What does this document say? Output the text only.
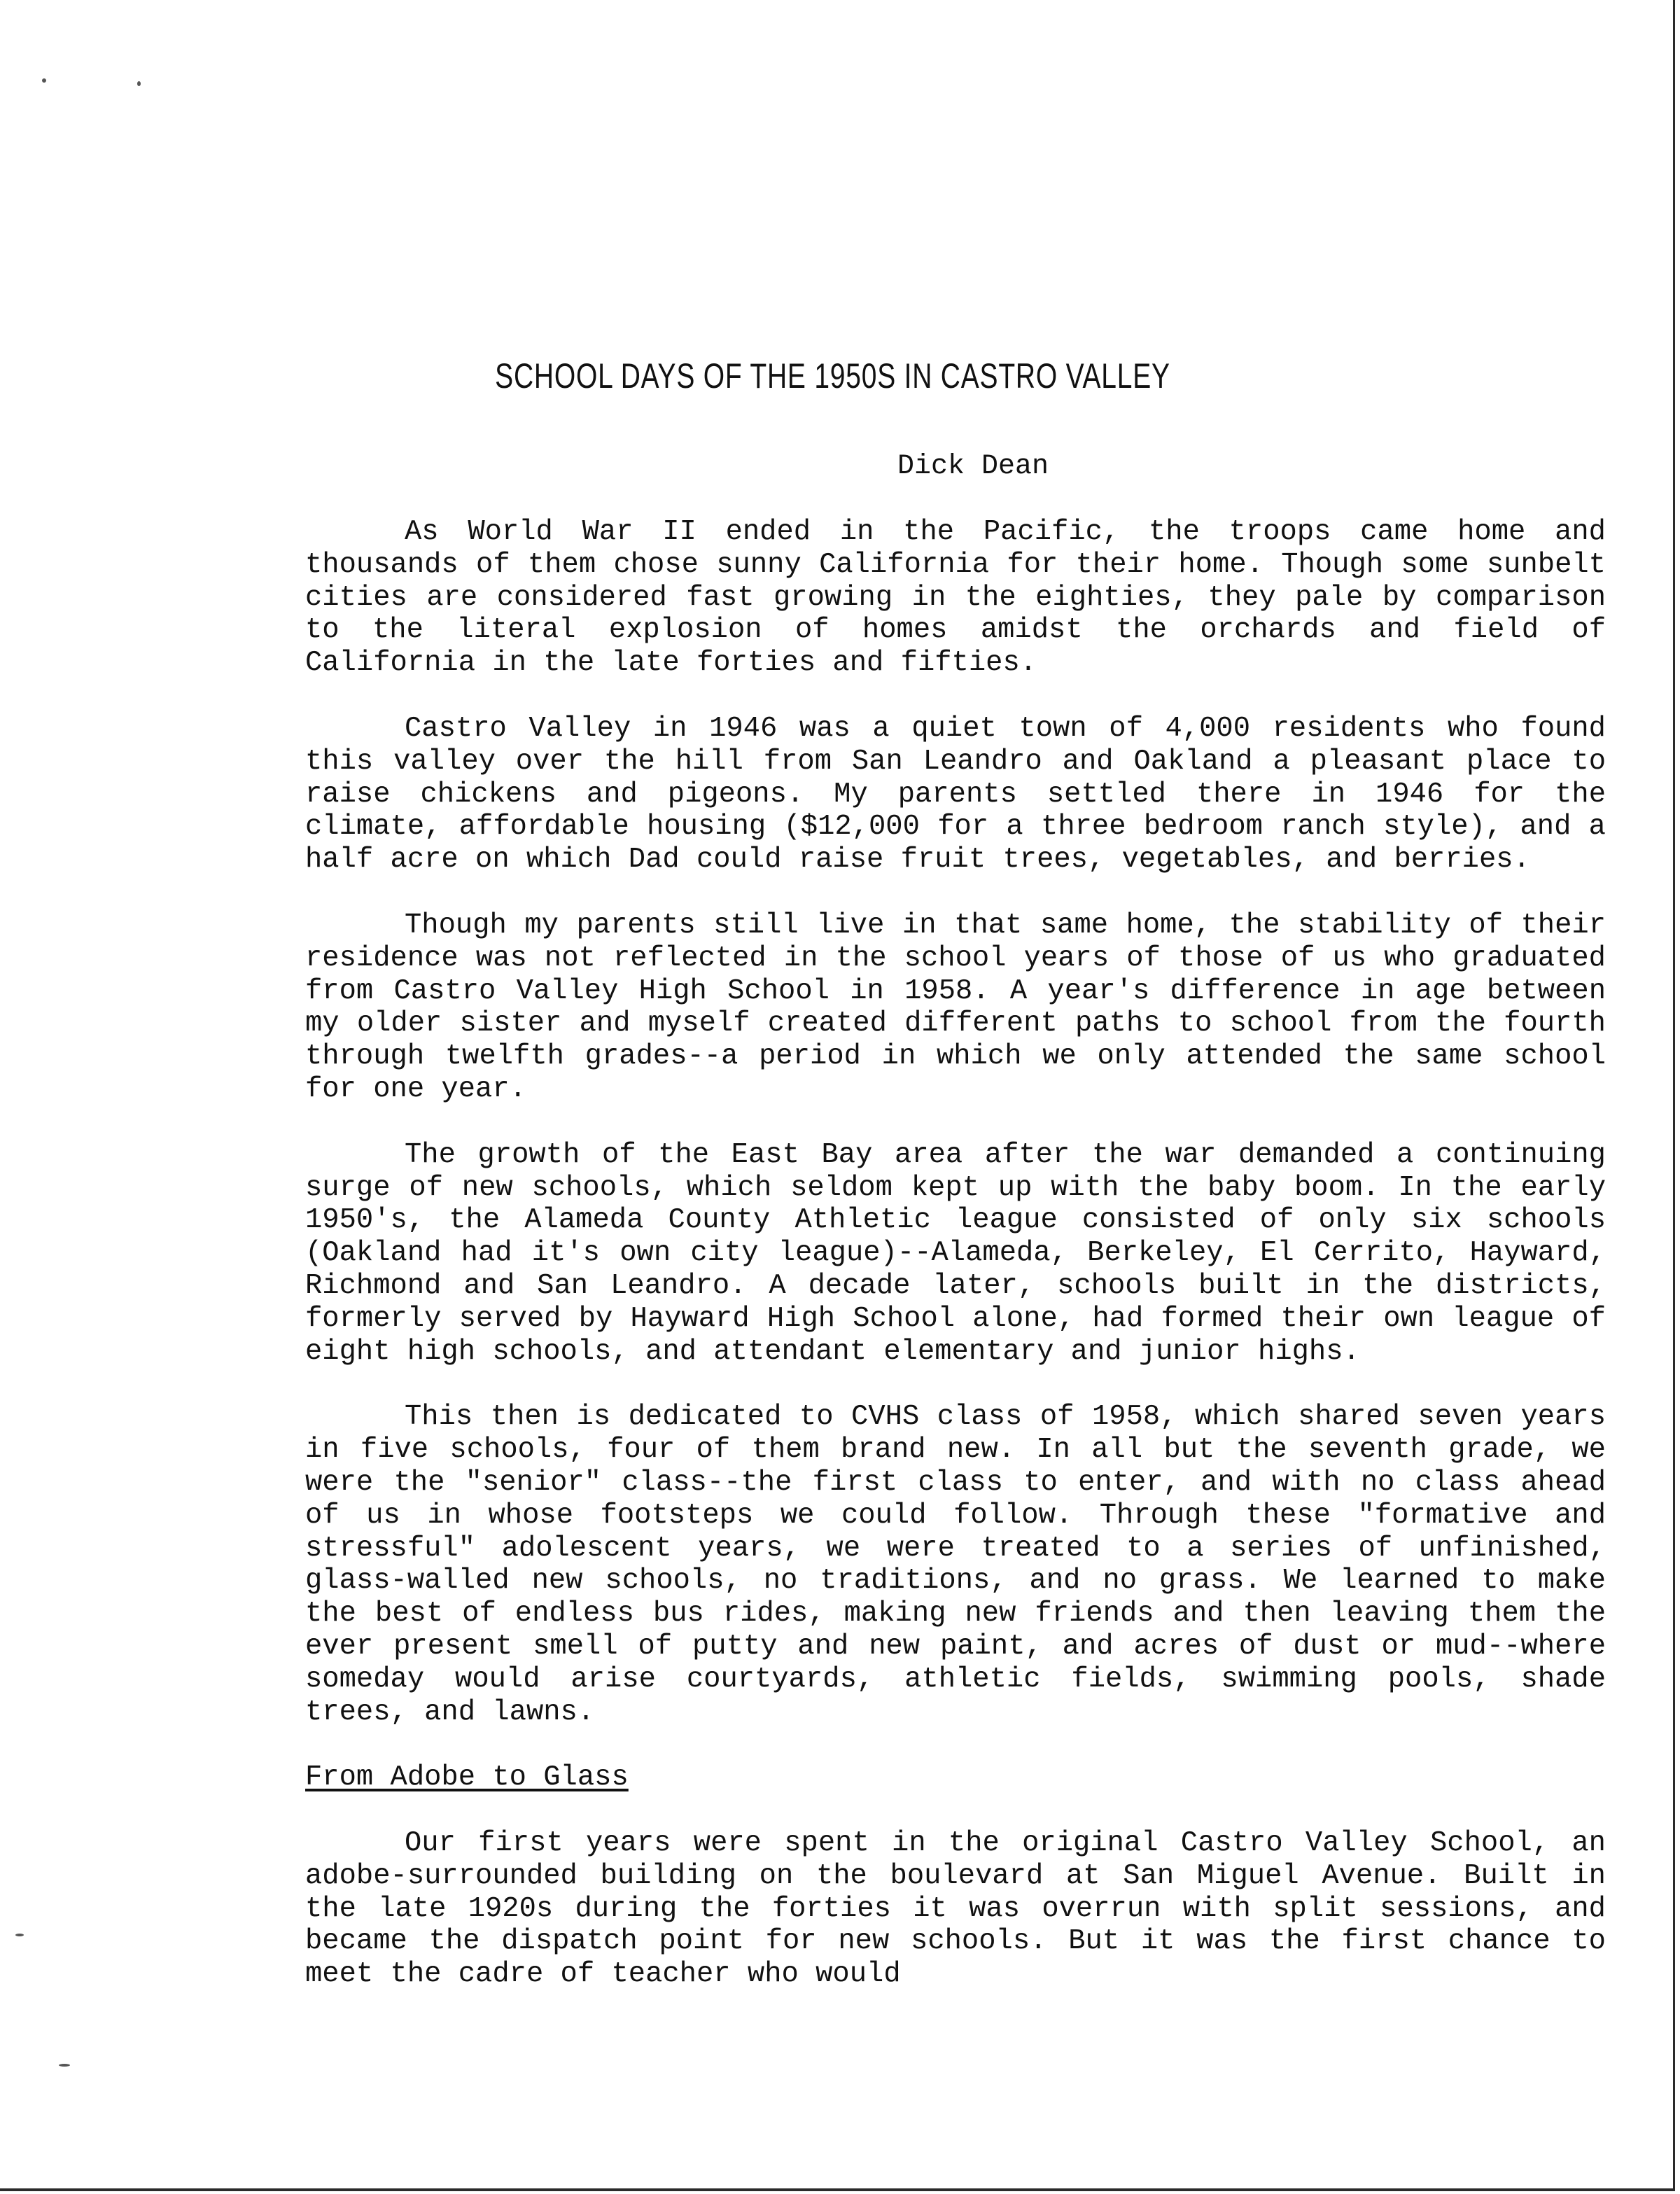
SCHOOL DAYS OF THE 1950S IN CASTRO VALLEY
Dick Dean

As World War II ended in the Pacific, the troops came home and thousands of them chose sunny California for their home. Though some sunbelt cities are considered fast growing in the eighties, they pale by comparison to the literal explosion of homes amidst the orchards and field of California in the late forties and fifties.

Castro Valley in 1946 was a quiet town of 4,000 residents who found this valley over the hill from San Leandro and Oakland a pleasant place to raise chickens and pigeons. My parents settled there in 1946 for the climate, affordable housing ($12,000 for a three bedroom ranch style), and a half acre on which Dad could raise fruit trees, vegetables, and berries.

Though my parents still live in that same home, the stability of their residence was not reflected in the school years of those of us who graduated from Castro Valley High School in 1958. A year's difference in age between my older sister and myself created different paths to school from the fourth through twelfth grades--a period in which we only attended the same school for one year.

The growth of the East Bay area after the war demanded a continuing surge of new schools, which seldom kept up with the baby boom. In the early 1950's, the Alameda County Athletic league consisted of only six schools (Oakland had it's own city league)--Alameda, Berkeley, El Cerrito, Hayward, Richmond and San Leandro. A decade later, schools built in the districts, formerly served by Hayward High School alone, had formed their own league of eight high schools, and attendant elementary and junior highs.

This then is dedicated to CVHS class of 1958, which shared seven years in five schools, four of them brand new. In all but the seventh grade, we were the "senior" class--the first class to enter, and with no class ahead of us in whose footsteps we could follow. Through these "formative and stressful" adolescent years, we were treated to a series of unfinished, glass-walled new schools, no traditions, and no grass. We learned to make the best of endless bus rides, making new friends and then leaving them the ever present smell of putty and new paint, and acres of dust or mud--where someday would arise courtyards, athletic fields, swimming pools, shade trees, and lawns.

From Adobe to Glass

Our first years were spent in the original Castro Valley School, an adobe-surrounded building on the boulevard at San Miguel Avenue. Built in the late 1920s during the forties it was overrun with split sessions, and became the dispatch point for new schools. But it was the first chance to meet the cadre of teacher who would
